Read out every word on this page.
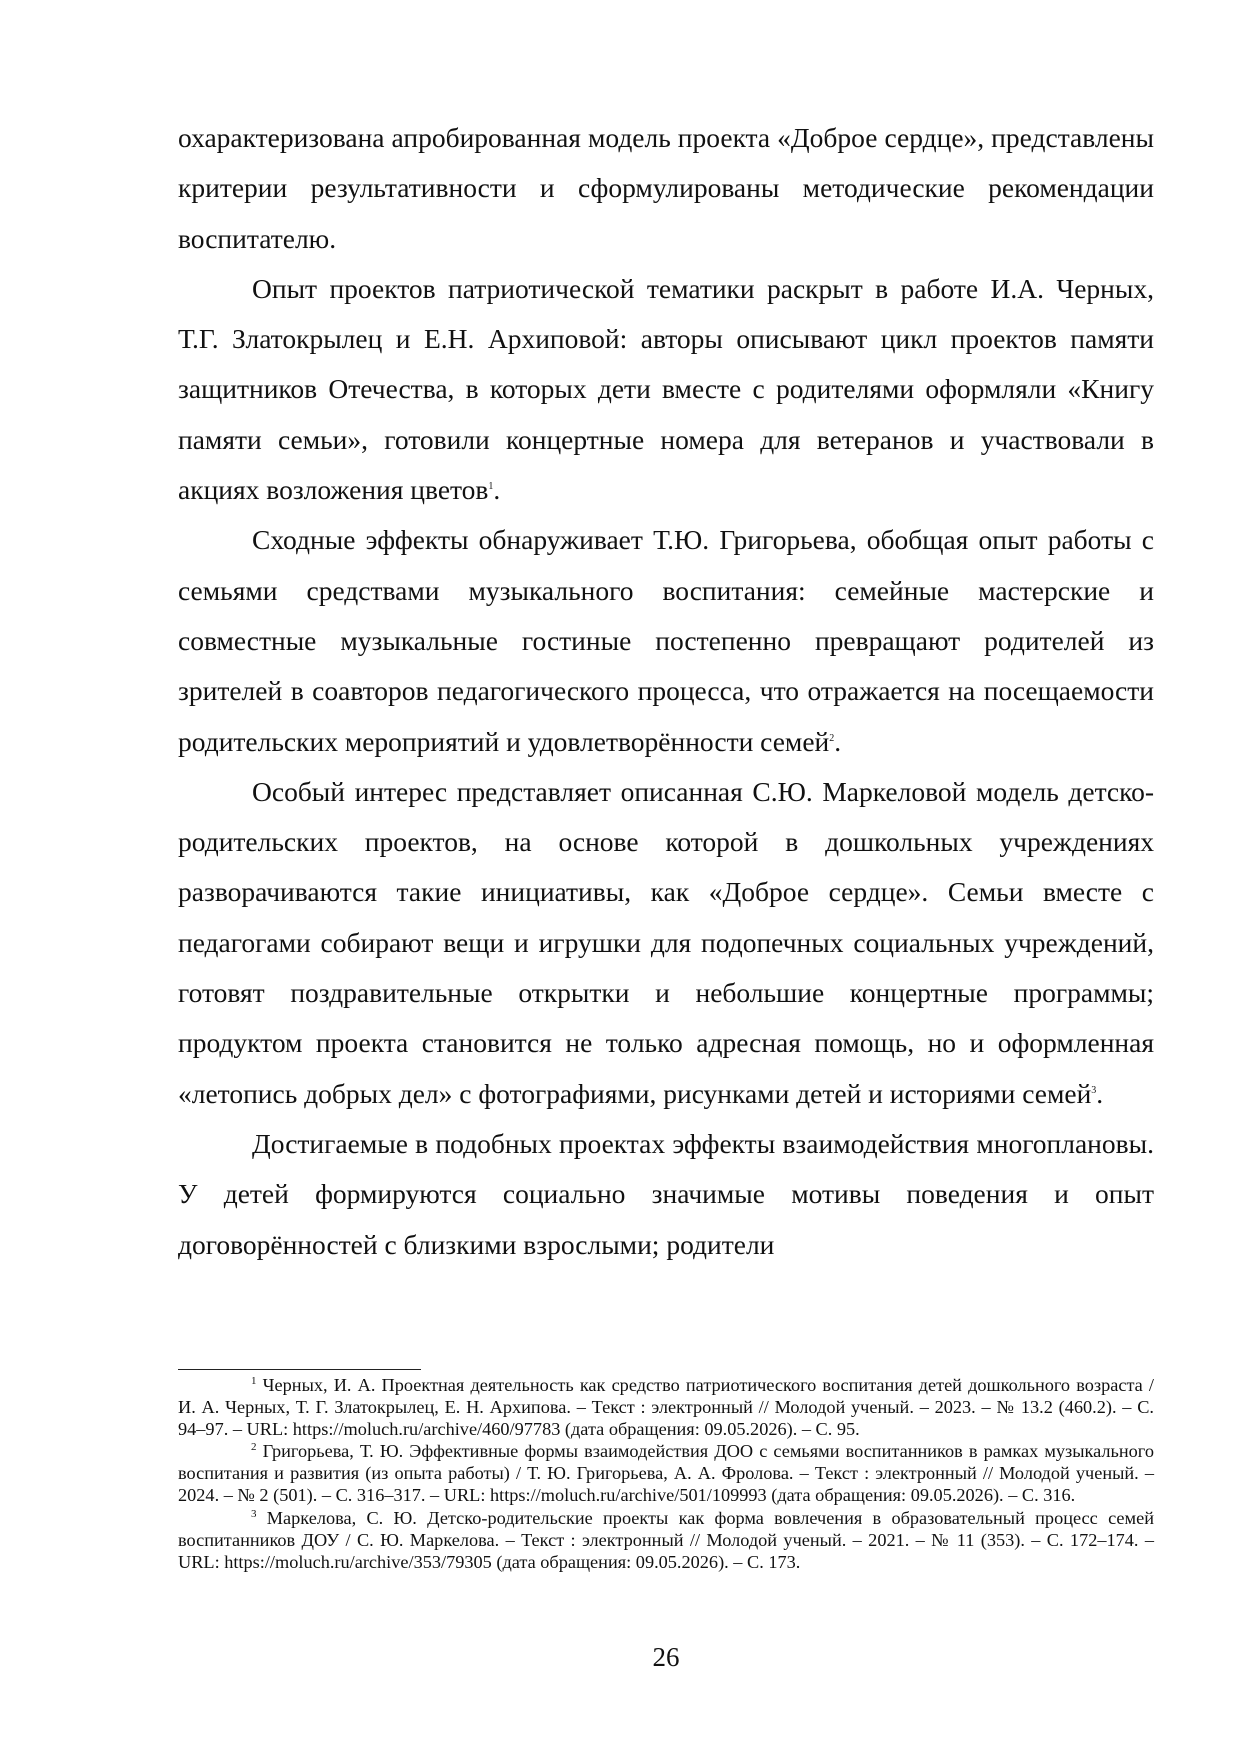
охарактеризована апробированная модель проекта «Доброе сердце», представлены критерии результативности и сформулированы методические рекомендации воспитателю.

Опыт проектов патриотической тематики раскрыт в работе И.А. Черных, Т.Г. Златокрылец и Е.Н. Архиповой: авторы описывают цикл проектов памяти защитников Отечества, в которых дети вместе с родителями оформляли «Книгу памяти семьи», готовили концертные номера для ветеранов и участвовали в акциях возложения цветов$^1$.

Сходные эффекты обнаруживает Т.Ю. Григорьева, обобщая опыт работы с семьями средствами музыкального воспитания: семейные мастерские и совместные музыкальные гостиные постепенно превращают родителей из зрителей в соавторов педагогического процесса, что отражается на посещаемости родительских мероприятий и удовлетворённости семей$^2$.

Особый интерес представляет описанная С.Ю. Маркеловой модель детско-родительских проектов, на основе которой в дошкольных учреждениях разворачиваются такие инициативы, как «Доброе сердце». Семьи вместе с педагогами собирают вещи и игрушки для подопечных социальных учреждений, готовят поздравительные открытки и небольшие концертные программы; продуктом проекта становится не только адресная помощь, но и оформленная «летопись добрых дел» с фотографиями, рисунками детей и историями семей$^3$.

Достигаемые в подобных проектах эффекты взаимодействия многоплановы. У детей формируются социально значимые мотивы поведения и опыт договорённостей с близкими взрослыми; родители

$^1$ Черных, И. А. Проектная деятельность как средство патриотического воспитания детей дошкольного возраста / И. А. Черных, Т. Г. Златокрылец, Е. Н. Архипова. – Текст : электронный // Молодой ученый. – 2023. – № 13.2 (460.2). – С. 94–97. – URL: https://moluch.ru/archive/460/97783 (дата обращения: 09.05.2026). – С. 95.

$^2$ Григорьева, Т. Ю. Эффективные формы взаимодействия ДОО с семьями воспитанников в рамках музыкального воспитания и развития (из опыта работы) / Т. Ю. Григорьева, А. А. Фролова. – Текст : электронный // Молодой ученый. – 2024. – № 2 (501). – С. 316–317. – URL: https://moluch.ru/archive/501/109993 (дата обращения: 09.05.2026). – С. 316.

$^3$ Маркелова, С. Ю. Детско-родительские проекты как форма вовлечения в образовательный процесс семей воспитанников ДОУ / С. Ю. Маркелова. – Текст : электронный // Молодой ученый. – 2021. – № 11 (353). – С. 172–174. – URL: https://moluch.ru/archive/353/79305 (дата обращения: 09.05.2026). – С. 173.

26
